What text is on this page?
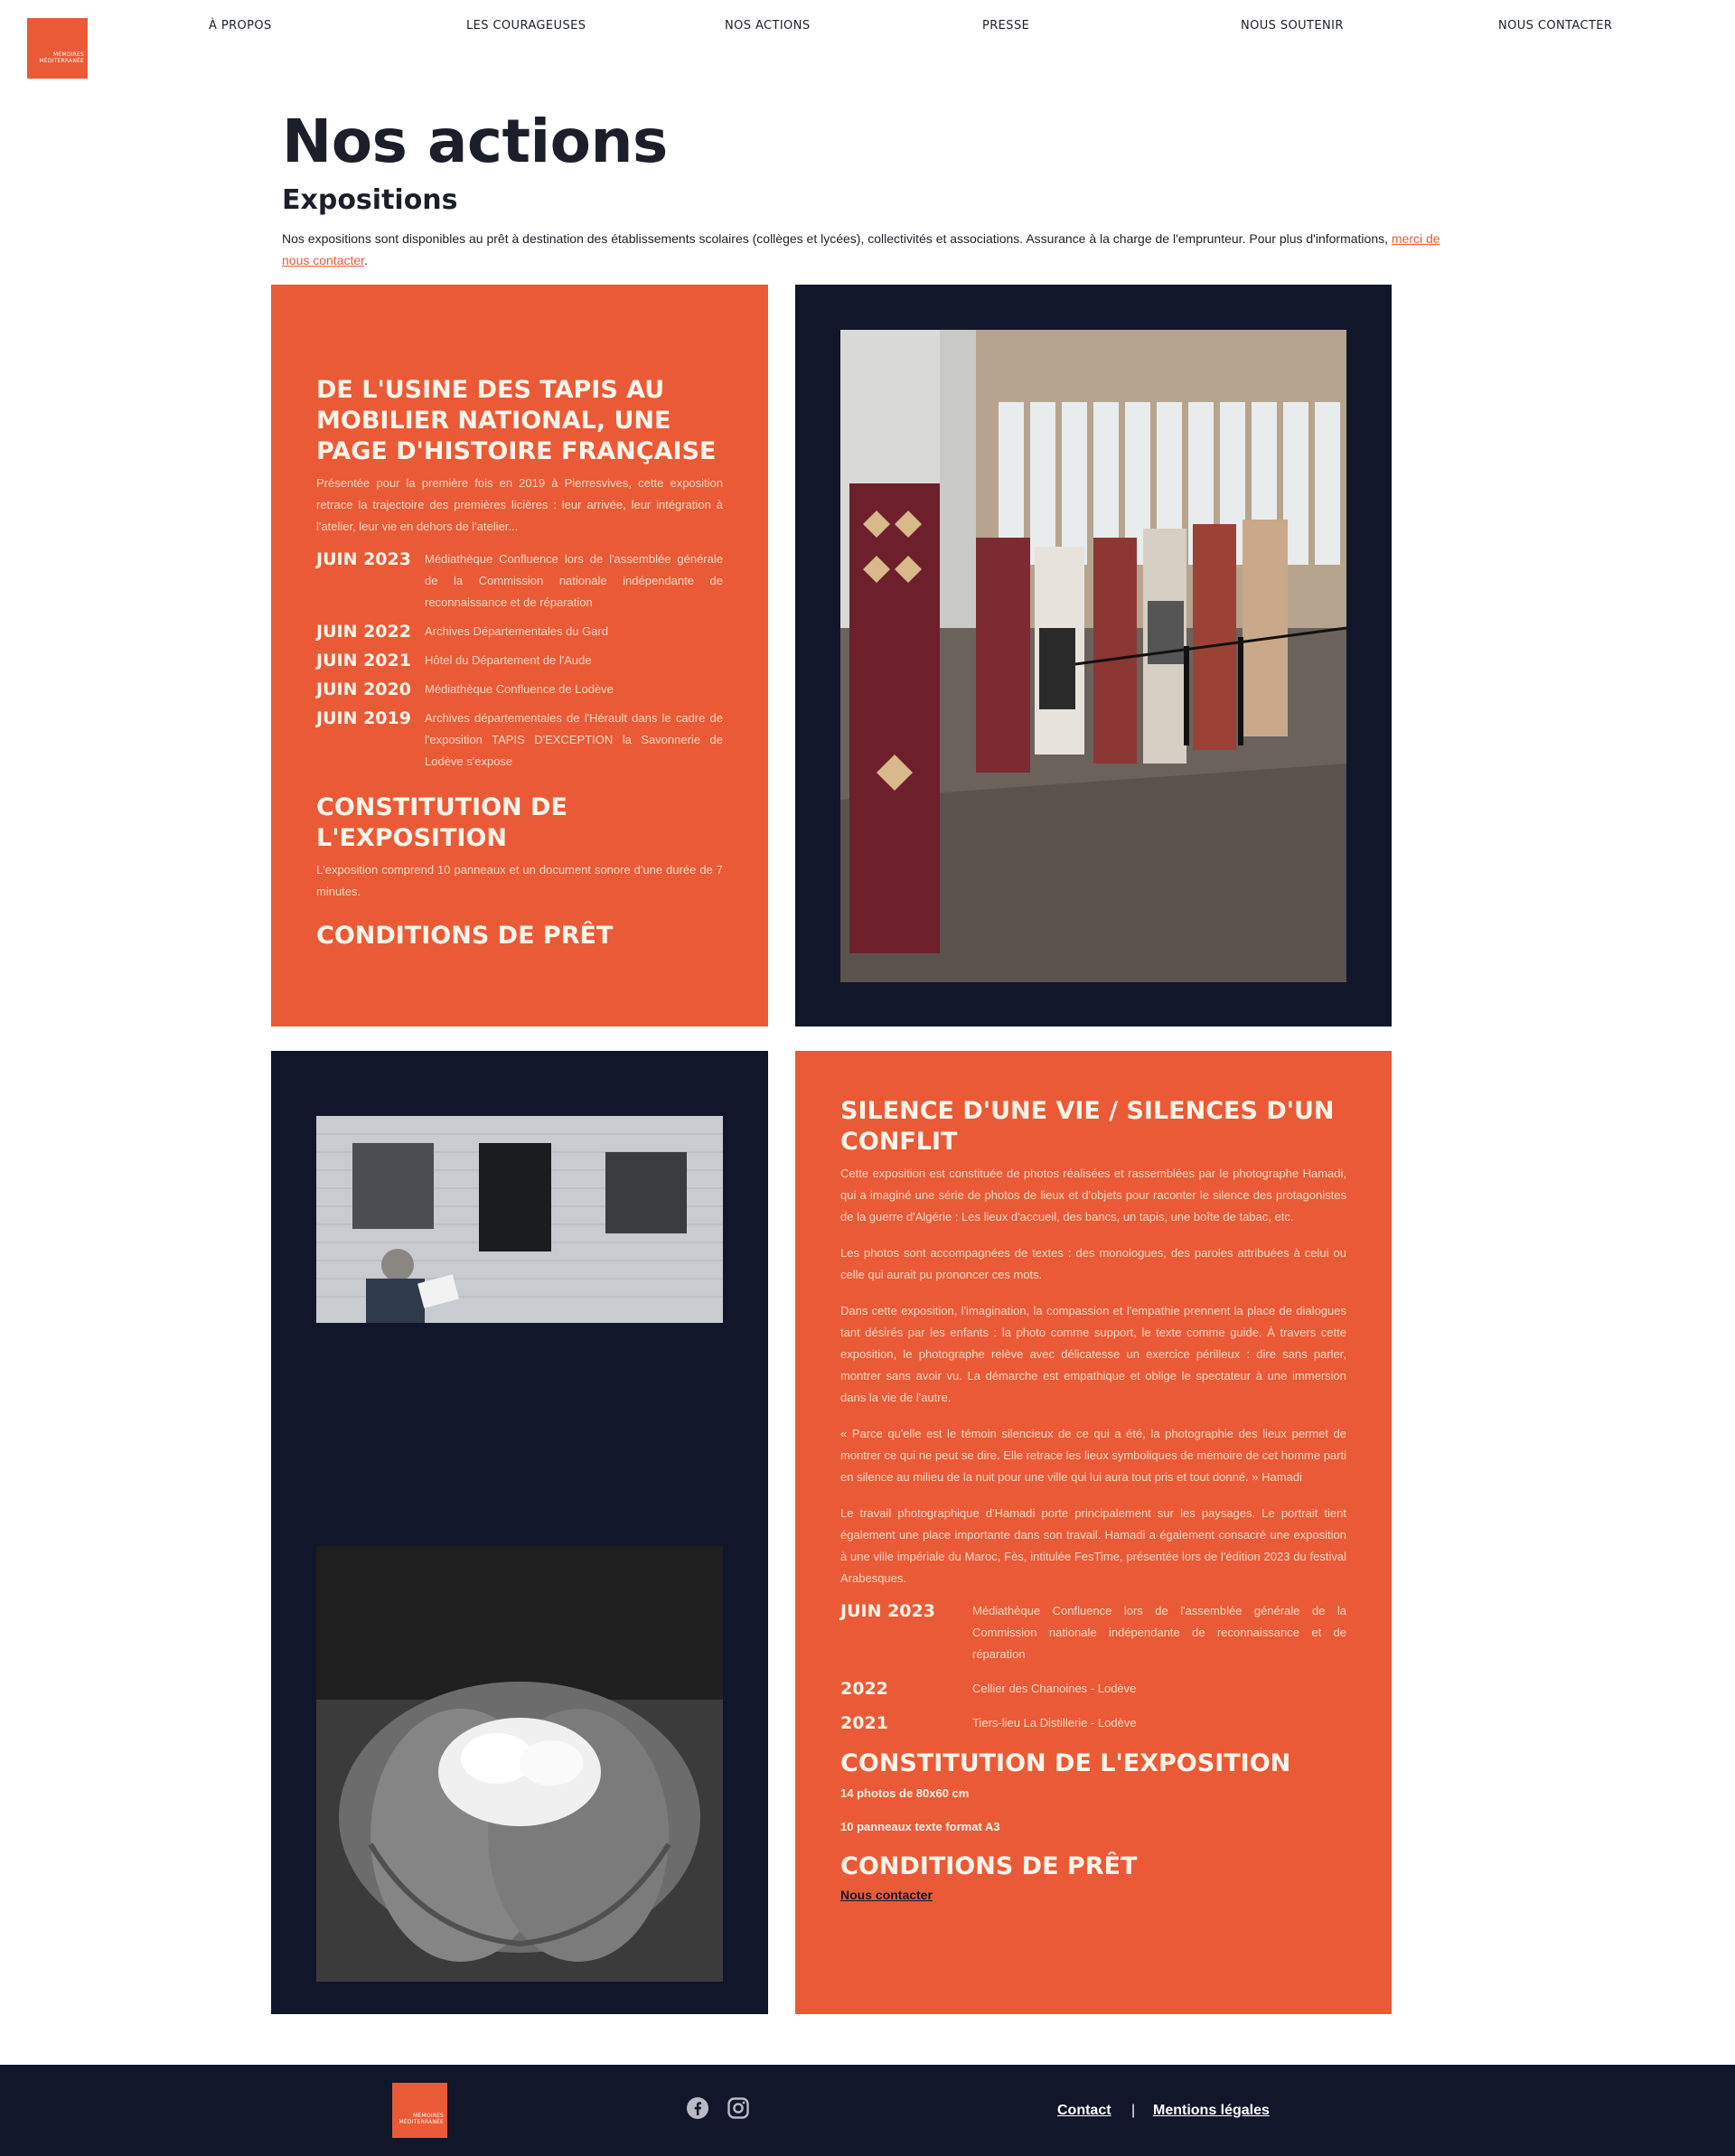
MÉMOIRES
MÉDITERRANÉE
À PROPOS	LES COURAGEUSES	NOS ACTIONS	PRESSE	NOUS SOUTENIR	NOUS CONTACTER
Nos actions
Expositions

Nos expositions sont disponibles au prêt à destination des établissements scolaires (collèges et lycées), collectivités et associations. Assurance à la charge de l'emprunteur. Pour plus d'informations, merci de nous contacter.

DE L'USINE DES TAPIS AU MOBILIER NATIONAL, UNE PAGE D'HISTOIRE FRANÇAISE

Présentée pour la première fois en 2019 à Pierresvives, cette exposition retrace la trajectoire des premières licières : leur arrivée, leur intégration à l'atelier, leur vie en dehors de l'atelier...

JUIN 2023	Médiathèque Confluence lors de l'assemblée générale de la Commission nationale indépendante de reconnaissance et de réparation
JUIN 2022	Archives Départementales du Gard
JUIN 2021	Hôtel du Département de l'Aude
JUIN 2020	Médiathèque Confluence de Lodève
JUIN 2019	Archives départementales de l'Hérault dans le cadre de l'exposition TAPIS D'EXCEPTION la Savonnerie de Lodève s'expose
CONSTITUTION DE L'EXPOSITION

L'exposition comprend 10 panneaux et un document sonore d'une durée de 7 minutes.

CONDITIONS DE PRÊT
SILENCE D'UNE VIE / SILENCES D'UN CONFLIT

Cette exposition est constituée de photos réalisées et rassemblées par le photographe Hamadi, qui a imaginé une série de photos de lieux et d'objets pour raconter le silence des protagonistes de la guerre d'Algérie : Les lieux d'accueil, des bancs, un tapis, une boîte de tabac, etc.

Les photos sont accompagnées de textes : des monologues, des paroles attribuées à celui ou celle qui aurait pu prononcer ces mots.

Dans cette exposition, l'imagination, la compassion et l'empathie prennent la place de dialogues tant désirés par les enfants : la photo comme support, le texte comme guide. À travers cette exposition, le photographe relève avec délicatesse un exercice périlleux : dire sans parler, montrer sans avoir vu. La démarche est empathique et oblige le spectateur à une immersion dans la vie de l'autre.

« Parce qu'elle est le témoin silencieux de ce qui a été, la photographie des lieux permet de montrer ce qui ne peut se dire. Elle retrace les lieux symboliques de mémoire de cet homme parti en silence au milieu de la nuit pour une ville qui lui aura tout pris et tout donné. » Hamadi

Le travail photographique d'Hamadi porte principalement sur les paysages. Le portrait tient également une place importante dans son travail. Hamadi a également consacré une exposition à une ville impériale du Maroc, Fès, intitulée FesTime, présentée lors de l'édition 2023 du festival Arabesques.

JUIN 2023	Médiathèque Confluence lors de l'assemblée générale de la Commission nationale indépendante de reconnaissance et de réparation
2022	Cellier des Chanoines - Lodève
2021	Tiers-lieu La Distillerie - Lodève
CONSTITUTION DE L'EXPOSITION

14 photos de 80x60 cm

10 panneaux texte format A3

CONDITIONS DE PRÊT
Nous contacter
MÉMOIRES
MÉDITERRANÉE
Contact | Mentions légales
